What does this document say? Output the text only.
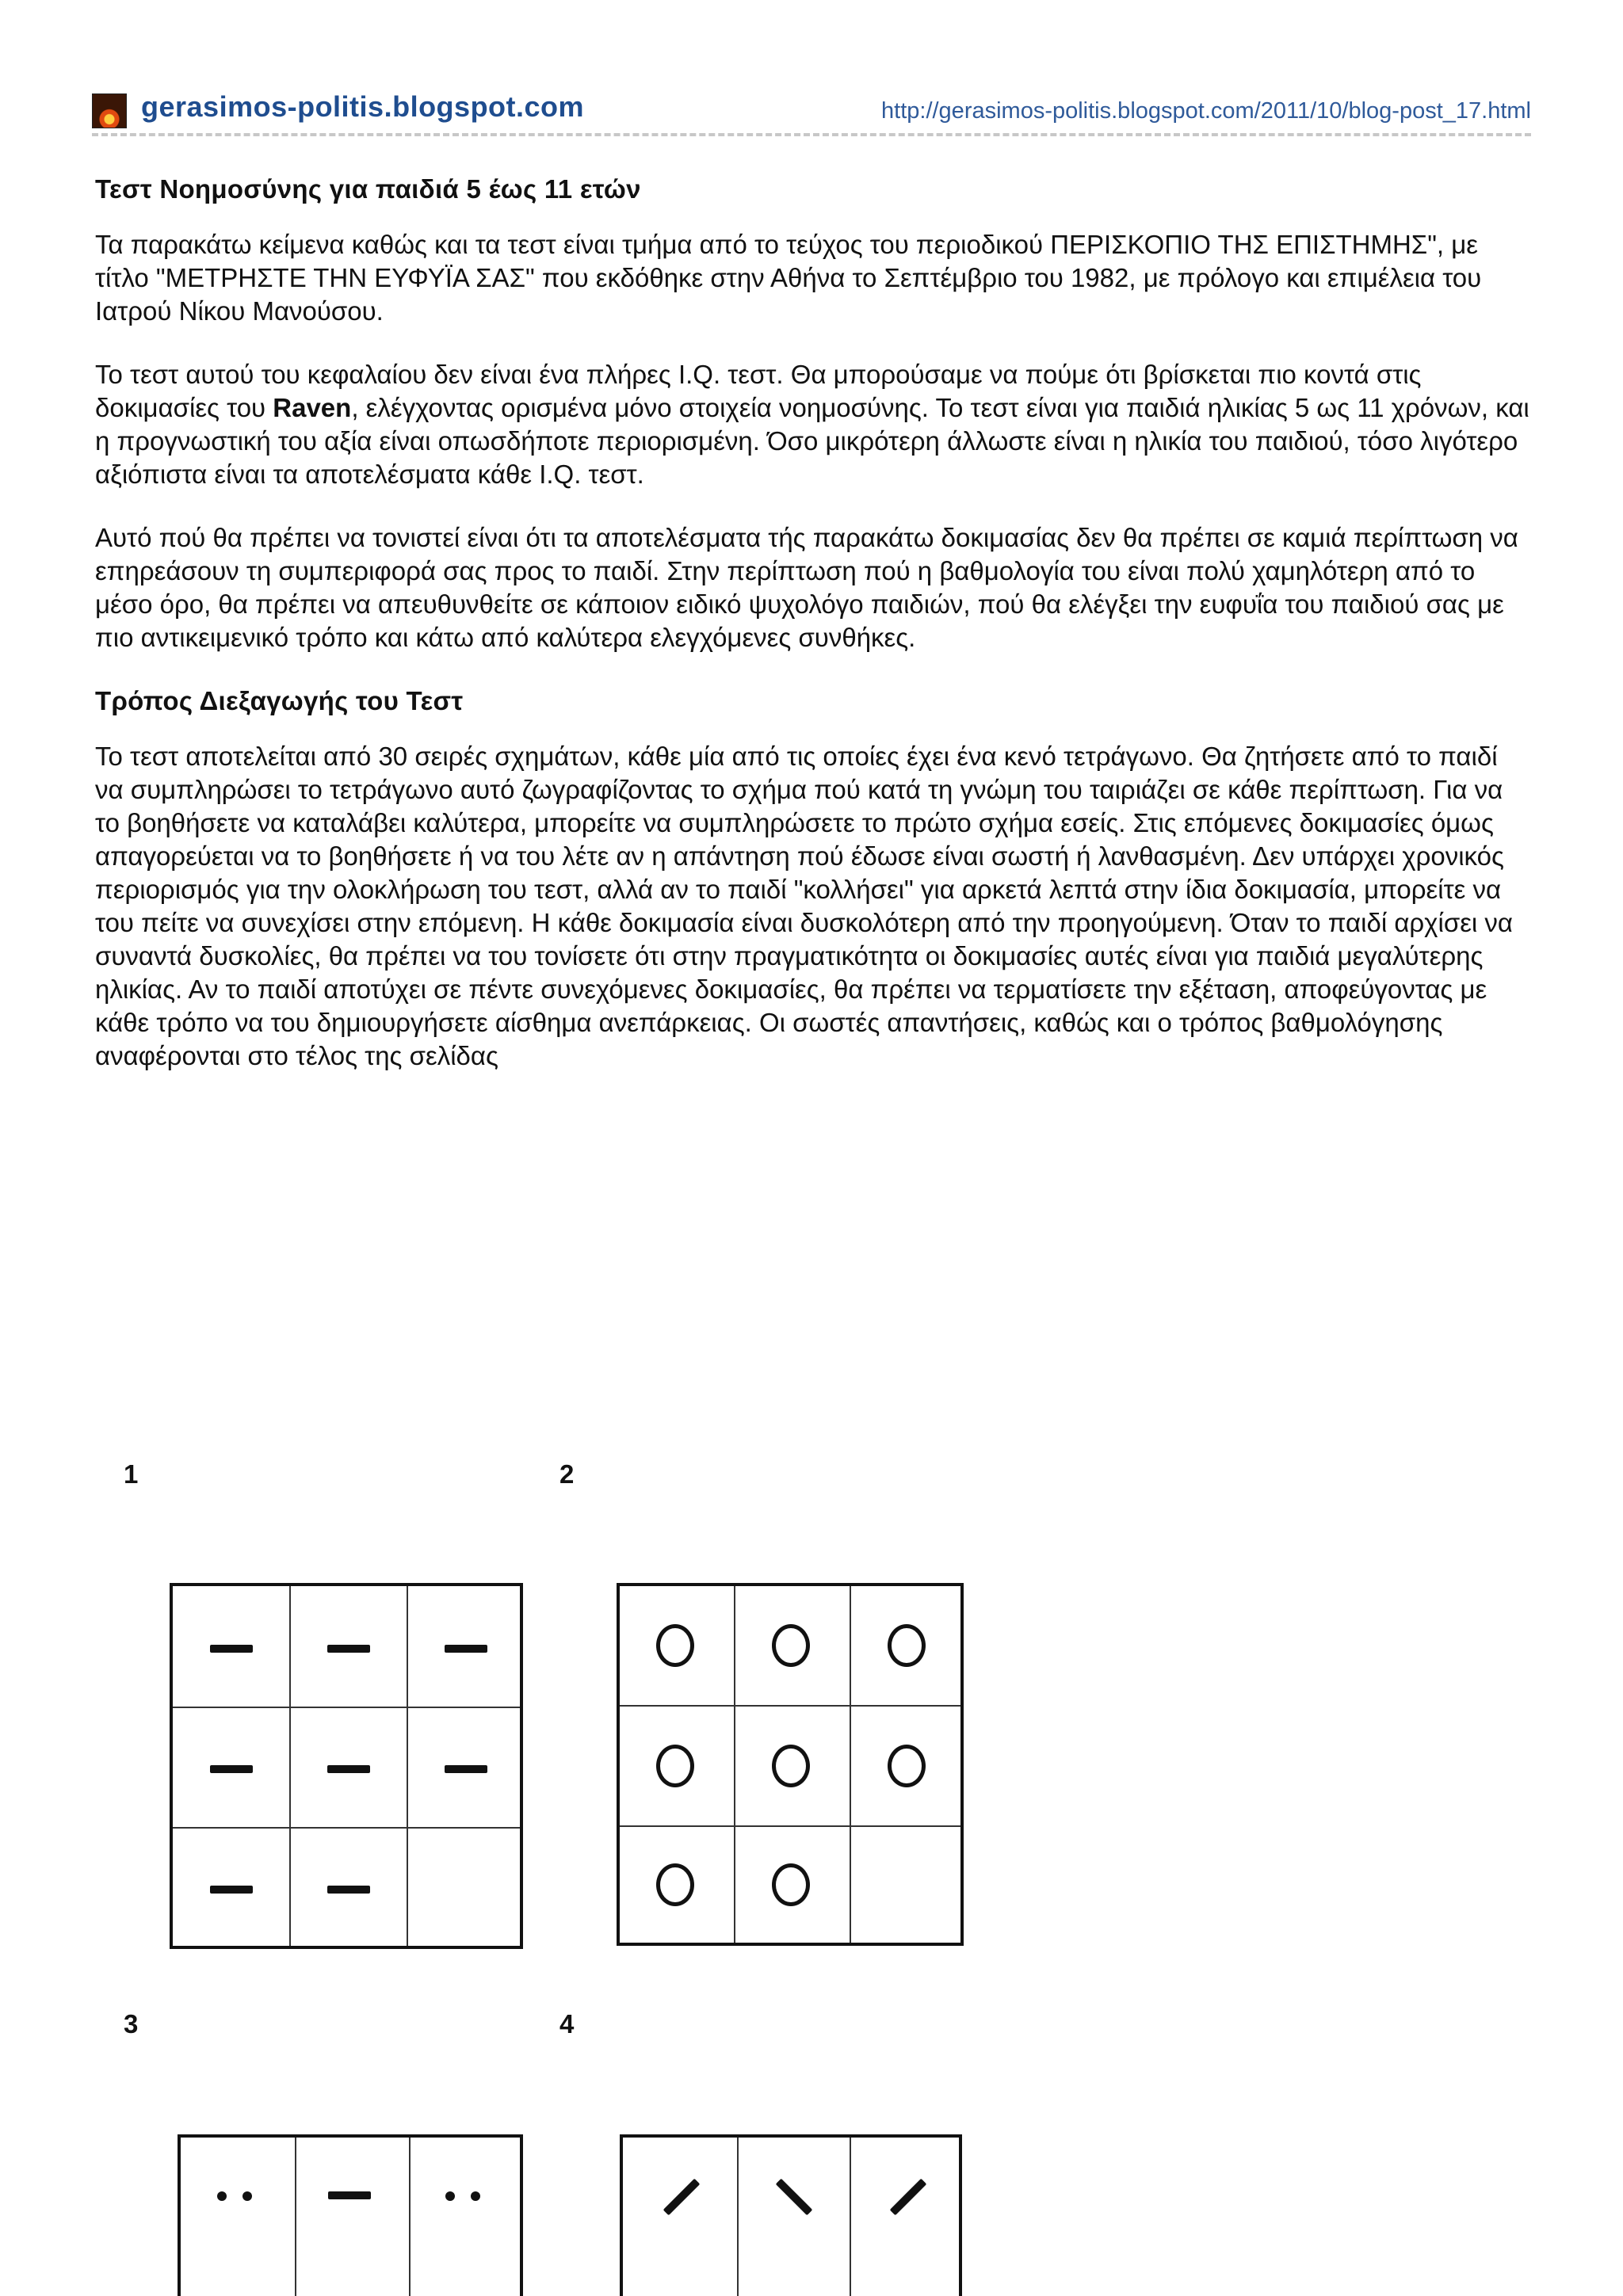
gerasimos-politis.blogspot.com	http://gerasimos-politis.blogspot.com/2011/10/blog-post_17.html
Τεστ Νοημοσύνης για παιδιά 5 έως 11 ετών

Τα παρακάτω κείμενα καθώς και τα τεστ είναι τμήμα από το τεύχος του περιοδικού ΠΕΡΙΣΚΟΠΙΟ ΤΗΣ ΕΠΙΣΤΗΜΗΣ", με τίτλο "ΜΕΤΡΗΣΤΕ ΤΗΝ ΕΥΦΥΪΑ ΣΑΣ" που εκδόθηκε στην Αθήνα το Σεπτέμβριο του 1982, με πρόλογο και επιμέλεια του Ιατρού Νίκου Μανούσου.

Το τεστ αυτού του κεφαλαίου δεν είναι ένα πλήρες I.Q. τεστ. Θα μπορούσαμε να πούμε ότι βρίσκεται πιο κοντά στις δοκιμασίες του Raven, ελέγχοντας ορισμένα μόνο στοιχεία νοημοσύνης. Το τεστ είναι για παιδιά ηλικίας 5 ως 11 χρόνων, και η προγνωστική του αξία είναι οπωσδήποτε περιορισμένη. Όσο μικρότερη άλλωστε είναι η ηλικία του παιδιού, τόσο λιγότερο αξιόπιστα είναι τα αποτελέσματα κάθε I.Q. τεστ.

Αυτό πού θα πρέπει να τονιστεί είναι ότι τα αποτελέσματα τής παρακάτω δοκιμασίας δεν θα πρέπει σε καμιά περίπτωση να επηρεάσουν τη συμπεριφορά σας προς το παιδί. Στην περίπτωση πού η βαθμολογία του είναι πολύ χαμηλότερη από το μέσο όρο, θα πρέπει να απευθυνθείτε σε κάποιον ειδικό ψυχολόγο παιδιών, πού θα ελέγξει την ευφυΐα του παιδιού σας με πιο αντικειμενικό τρόπο και κάτω από καλύτερα ελεγχόμενες συνθήκες.

Τρόπος Διεξαγωγής του Τεστ

Το τεστ αποτελείται από 30 σειρές σχημάτων, κάθε μία από τις οποίες έχει ένα κενό τετράγωνο. Θα ζητήσετε από το παιδί να συμπληρώσει το τετράγωνο αυτό ζωγραφίζοντας το σχήμα πού κατά τη γνώμη του ταιριάζει σε κάθε περίπτωση. Για να το βοηθήσετε να καταλάβει καλύτερα, μπορείτε να συμπληρώσετε το πρώτο σχήμα εσείς. Στις επόμενες δοκιμασίες όμως απαγορεύεται να το βοηθήσετε ή να του λέτε αν η απάντηση πού έδωσε είναι σωστή ή λανθασμένη. Δεν υπάρχει χρονικός περιορισμός για την ολοκλήρωση του τεστ, αλλά αν το παιδί "κολλήσει" για αρκετά λεπτά στην ίδια δοκιμασία, μπορείτε να του πείτε να συνεχίσει στην επόμενη. Η κάθε δοκιμασία είναι δυσκολότερη από την προηγούμενη. Όταν το παιδί αρχίσει να συναντά δυσκολίες, θα πρέπει να του τονίσετε ότι στην πραγματικότητα οι δοκιμασίες αυτές είναι για παιδιά μεγαλύτερης ηλικίας. Αν το παιδί αποτύχει σε πέντε συνεχόμενες δοκιμασίες, θα πρέπει να τερματίσετε την εξέταση, αποφεύγοντας με κάθε τρόπο να του δημιουργήσετε αίσθημα ανεπάρκειας. Οι σωστές απαντήσεις, καθώς και ο τρόπος βαθμολόγησης αναφέρονται στο τέλος της σελίδας

1	2
3	4
